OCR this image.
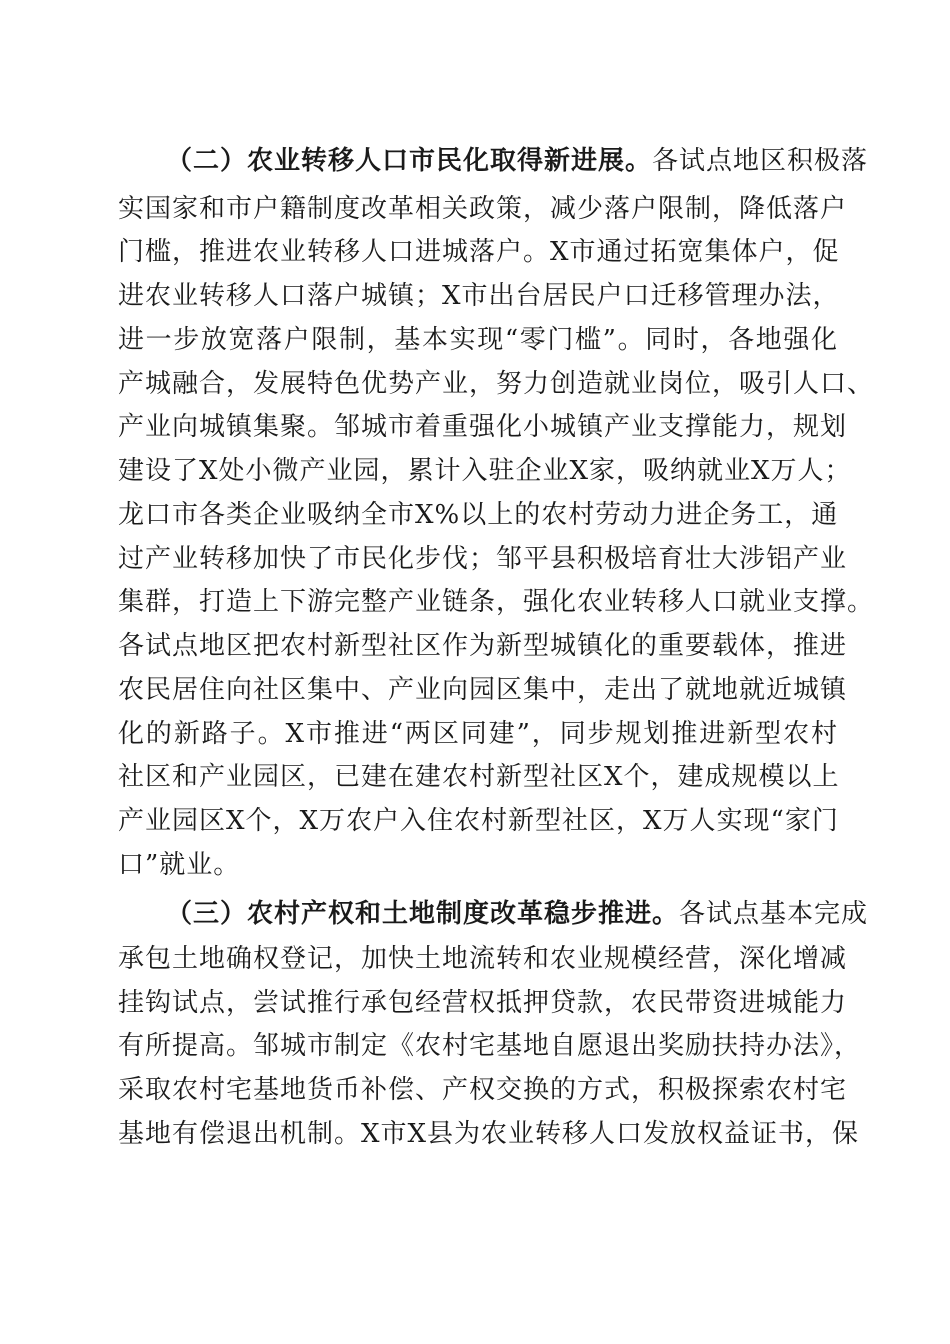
（二）农业转移人口市民化取得新进展。各试点地区积极落
实国家和市户籍制度改革相关政策，减少落户限制，降低落户
门槛，推进农业转移人口进城落户。X市通过拓宽集体户，促
进农业转移人口落户城镇；X市出台居民户口迁移管理办法，
进一步放宽落户限制，基本实现“零门槛”。同时，各地强化
产城融合，发展特色优势产业，努力创造就业岗位，吸引人口、
产业向城镇集聚。邹城市着重强化小城镇产业支撑能力，规划
建设了X处小微产业园，累计入驻企业X家，吸纳就业X万人；
龙口市各类企业吸纳全市X%以上的农村劳动力进企务工，通
过产业转移加快了市民化步伐；邹平县积极培育壮大涉铝产业
集群，打造上下游完整产业链条，强化农业转移人口就业支撑。
各试点地区把农村新型社区作为新型城镇化的重要载体，推进
农民居住向社区集中、产业向园区集中，走出了就地就近城镇
化的新路子。X市推进“两区同建”，同步规划推进新型农村
社区和产业园区，已建在建农村新型社区X个，建成规模以上
产业园区X个，X万农户入住农村新型社区，X万人实现“家门
口”就业。
（三）农村产权和土地制度改革稳步推进。各试点基本完成
承包土地确权登记，加快土地流转和农业规模经营，深化增减
挂钩试点，尝试推行承包经营权抵押贷款，农民带资进城能力
有所提高。邹城市制定《农村宅基地自愿退出奖励扶持办法》，
采取农村宅基地货币补偿、产权交换的方式，积极探索农村宅
基地有偿退出机制。X市X县为农业转移人口发放权益证书，保
